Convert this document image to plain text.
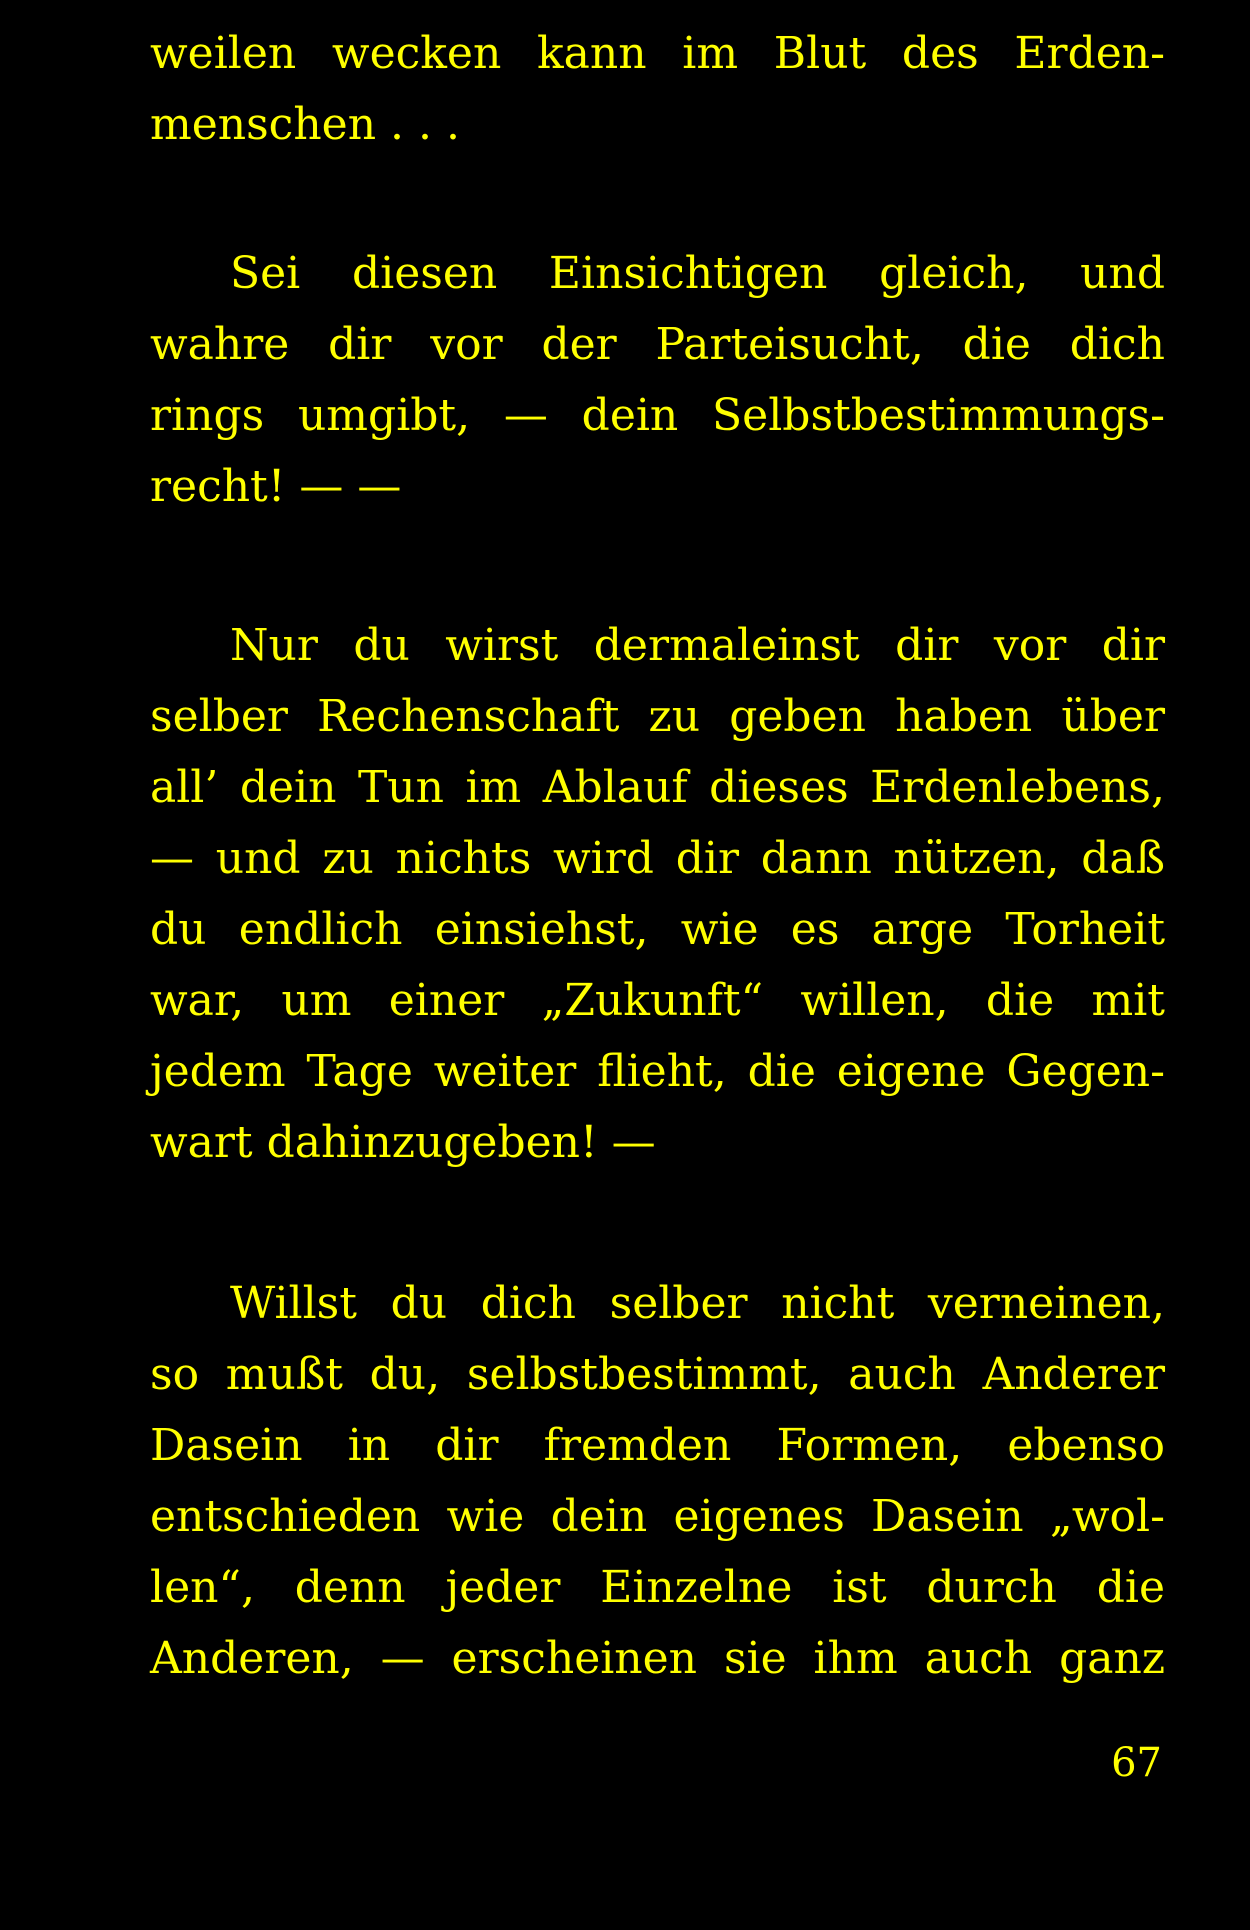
weilen wecken kann im Blut des Erden-
menschen . . .

Sei diesen Einsichtigen gleich, und
wahre dir vor der Parteisucht, die dich
rings umgibt, — dein Selbstbestimmungs-
recht! — —

Nur du wirst dermaleinst dir vor dir
selber Rechenschaft zu geben haben über
all’ dein Tun im Ablauf dieses Erdenlebens,
— und zu nichts wird dir dann nützen, daß
du endlich einsiehst, wie es arge Torheit
war, um einer „Zukunft“ willen, die mit
jedem Tage weiter flieht, die eigene Gegen-
wart dahinzugeben! —

Willst du dich selber nicht verneinen,
so mußt du, selbstbestimmt, auch Anderer
Dasein in dir fremden Formen, ebenso
entschieden wie dein eigenes Dasein „wol-
len“, denn jeder Einzelne ist durch die
Anderen, — erscheinen sie ihm auch ganz

67
